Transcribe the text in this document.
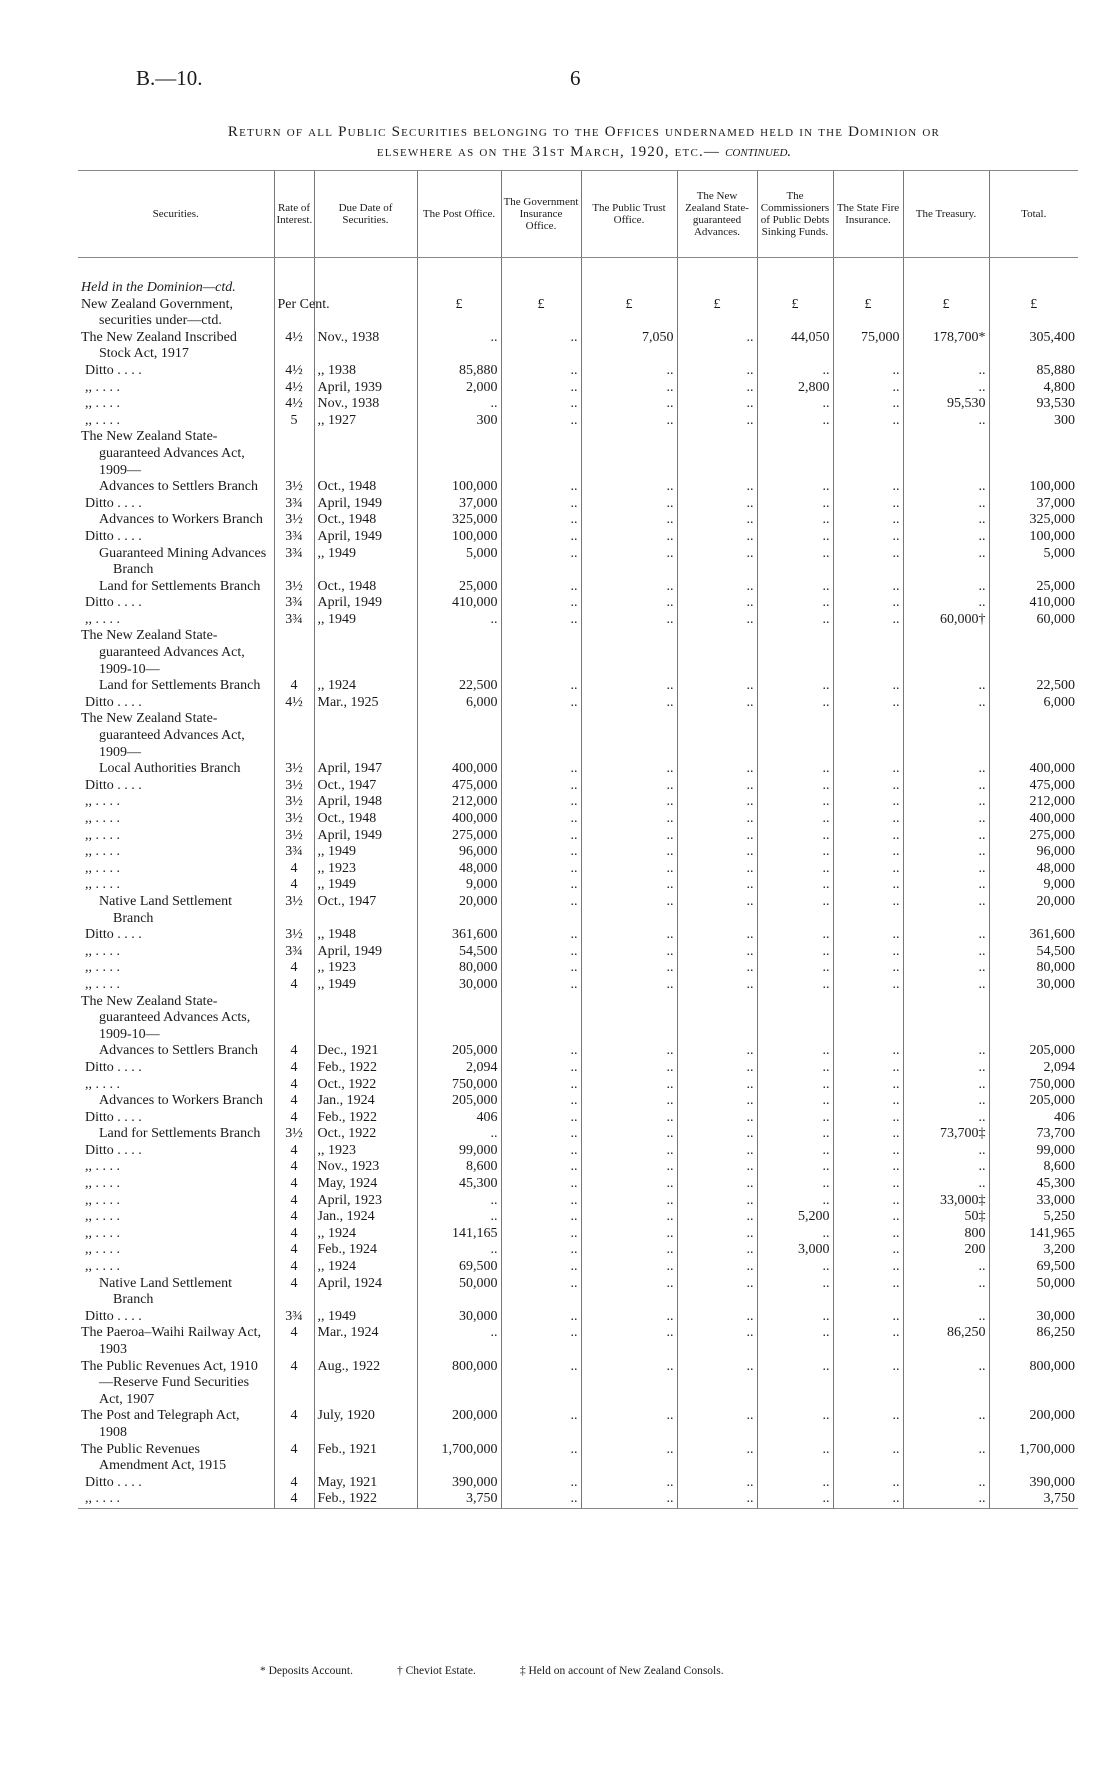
B.—10.	6
Return of all Public Securities belonging to the Offices undernamed held in the Dominion or
elsewhere as on the 31st March, 1920, etc.— continued.
Securities.	Rate of Interest.	Due Date of Securities.	The Post Office.	The Government Insurance Office.	The Public Trust Office.	The New Zealand State-guaranteed Advances.	The Commissioners of Public Debts Sinking Funds.	The State Fire Insurance.	The Treasury.	Total.

Held in the Dominion—ctd.										

New Zealand Government, securities under—ctd.	Per Cent.		£	£	£	£	£	£	£	£

The New Zealand Inscribed Stock Act, 1917	4½	Nov., 1938	..	..	7,050	..	44,050	75,000	178,700*	305,400

Ditto . . . .	4½	,, 1938	85,880	..	..	..	..	..	..	85,880

,, . . . .	4½	April, 1939	2,000	..	..	..	2,800	..	..	4,800

,, . . . .	4½	Nov., 1938	..	..	..	..	..	..	95,530	93,530

,, . . . .	5	,, 1927	300	..	..	..	..	..	..	300

The New Zealand State-guaranteed Advances Act, 1909—										

Advances to Settlers Branch	3½	Oct., 1948	100,000	..	..	..	..	..	..	100,000

Ditto . . . .	3¾	April, 1949	37,000	..	..	..	..	..	..	37,000

Advances to Workers Branch	3½	Oct., 1948	325,000	..	..	..	..	..	..	325,000

Ditto . . . .	3¾	April, 1949	100,000	..	..	..	..	..	..	100,000

Guaranteed Mining Advances Branch	3¾	,, 1949	5,000	..	..	..	..	..	..	5,000

Land for Settlements Branch	3½	Oct., 1948	25,000	..	..	..	..	..	..	25,000

Ditto . . . .	3¾	April, 1949	410,000	..	..	..	..	..	..	410,000

,, . . . .	3¾	,, 1949	..	..	..	..	..	..	60,000†	60,000

The New Zealand State-guaranteed Advances Act, 1909-10—										

Land for Settlements Branch	4	,, 1924	22,500	..	..	..	..	..	..	22,500

Ditto . . . .	4½	Mar., 1925	6,000	..	..	..	..	..	..	6,000

The New Zealand State-guaranteed Advances Act, 1909—										

Local Authorities Branch	3½	April, 1947	400,000	..	..	..	..	..	..	400,000

Ditto . . . .	3½	Oct., 1947	475,000	..	..	..	..	..	..	475,000

,, . . . .	3½	April, 1948	212,000	..	..	..	..	..	..	212,000

,, . . . .	3½	Oct., 1948	400,000	..	..	..	..	..	..	400,000

,, . . . .	3½	April, 1949	275,000	..	..	..	..	..	..	275,000

,, . . . .	3¾	,, 1949	96,000	..	..	..	..	..	..	96,000

,, . . . .	4	,, 1923	48,000	..	..	..	..	..	..	48,000

,, . . . .	4	,, 1949	9,000	..	..	..	..	..	..	9,000

Native Land Settlement Branch	3½	Oct., 1947	20,000	..	..	..	..	..	..	20,000

Ditto . . . .	3½	,, 1948	361,600	..	..	..	..	..	..	361,600

,, . . . .	3¾	April, 1949	54,500	..	..	..	..	..	..	54,500

,, . . . .	4	,, 1923	80,000	..	..	..	..	..	..	80,000

,, . . . .	4	,, 1949	30,000	..	..	..	..	..	..	30,000

The New Zealand State-guaranteed Advances Acts, 1909-10—										

Advances to Settlers Branch	4	Dec., 1921	205,000	..	..	..	..	..	..	205,000

Ditto . . . .	4	Feb., 1922	2,094	..	..	..	..	..	..	2,094

,, . . . .	4	Oct., 1922	750,000	..	..	..	..	..	..	750,000

Advances to Workers Branch	4	Jan., 1924	205,000	..	..	..	..	..	..	205,000

Ditto . . . .	4	Feb., 1922	406	..	..	..	..	..	..	406

Land for Settlements Branch	3½	Oct., 1922	..	..	..	..	..	..	73,700‡	73,700

Ditto . . . .	4	,, 1923	99,000	..	..	..	..	..	..	99,000

,, . . . .	4	Nov., 1923	8,600	..	..	..	..	..	..	8,600

,, . . . .	4	May, 1924	45,300	..	..	..	..	..	..	45,300

,, . . . .	4	April, 1923	..	..	..	..	..	..	33,000‡	33,000

,, . . . .	4	Jan., 1924	..	..	..	..	5,200	..	50‡	5,250

,, . . . .	4	,, 1924	141,165	..	..	..	..	..	800	141,965

,, . . . .	4	Feb., 1924	..	..	..	..	3,000	..	200	3,200

,, . . . .	4	,, 1924	69,500	..	..	..	..	..	..	69,500

Native Land Settlement Branch	4	April, 1924	50,000	..	..	..	..	..	..	50,000

Ditto . . . .	3¾	,, 1949	30,000	..	..	..	..	..	..	30,000

The Paeroa–Waihi Railway Act, 1903	4	Mar., 1924	..	..	..	..	..	..	86,250	86,250

The Public Revenues Act, 1910—Reserve Fund Securities Act, 1907	4	Aug., 1922	800,000	..	..	..	..	..	..	800,000

The Post and Telegraph Act, 1908	4	July, 1920	200,000	..	..	..	..	..	..	200,000

The Public Revenues Amendment Act, 1915	4	Feb., 1921	1,700,000	..	..	..	..	..	..	1,700,000

Ditto . . . .	4	May, 1921	390,000	..	..	..	..	..	..	390,000

,, . . . .	4	Feb., 1922	3,750	..	..	..	..	..	..	3,750

* Deposits Account.	† Cheviot Estate.	‡ Held on account of New Zealand Consols.
